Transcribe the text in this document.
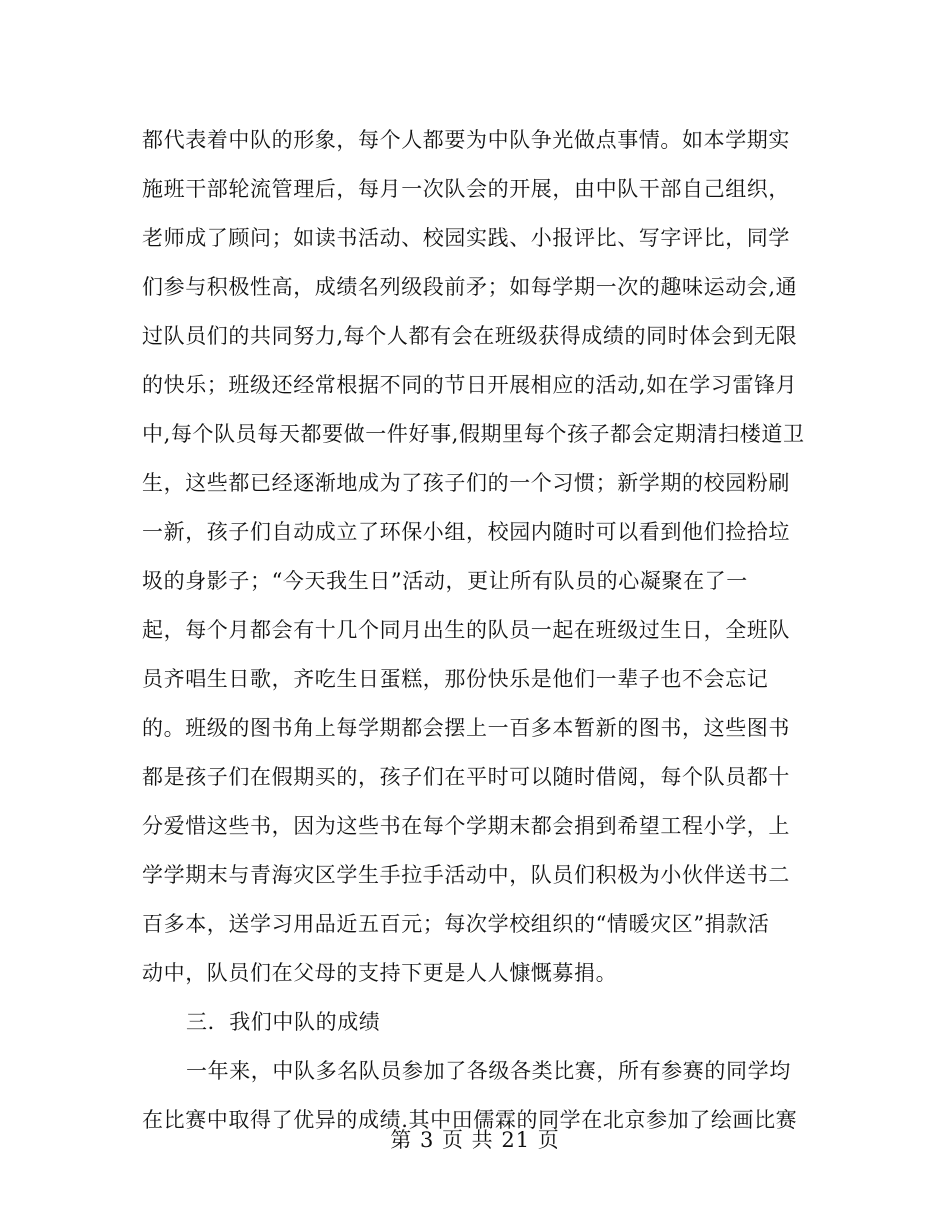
都代表着中队的形象，每个人都要为中队争光做点事情。如本学期实
施班干部轮流管理后，每月一次队会的开展，由中队干部自己组织，
老师成了顾问；如读书活动、校园实践、小报评比、写字评比，同学
们参与积极性高，成绩名列级段前矛；如每学期一次的趣味运动会,通
过队员们的共同努力,每个人都有会在班级获得成绩的同时体会到无限
的快乐；班级还经常根据不同的节日开展相应的活动,如在学习雷锋月
中,每个队员每天都要做一件好事,假期里每个孩子都会定期清扫楼道卫
生，这些都已经逐渐地成为了孩子们的一个习惯；新学期的校园粉刷
一新，孩子们自动成立了环保小组，校园内随时可以看到他们捡拾垃
圾的身影子；“今天我生日”活动，更让所有队员的心凝聚在了一
起，每个月都会有十几个同月出生的队员一起在班级过生日，全班队
员齐唱生日歌，齐吃生日蛋糕，那份快乐是他们一辈子也不会忘记
的。班级的图书角上每学期都会摆上一百多本暂新的图书，这些图书
都是孩子们在假期买的，孩子们在平时可以随时借阅，每个队员都十
分爱惜这些书，因为这些书在每个学期末都会捐到希望工程小学，上
学学期末与青海灾区学生手拉手活动中，队员们积极为小伙伴送书二
百多本，送学习用品近五百元；每次学校组织的“情暖灾区”捐款活
动中，队员们在父母的支持下更是人人慷慨募捐。
三．我们中队的成绩
一年来，中队多名队员参加了各级各类比赛，所有参赛的同学均
在比赛中取得了优异的成绩.其中田儒霖的同学在北京参加了绘画比赛
第 3 页 共 21 页
